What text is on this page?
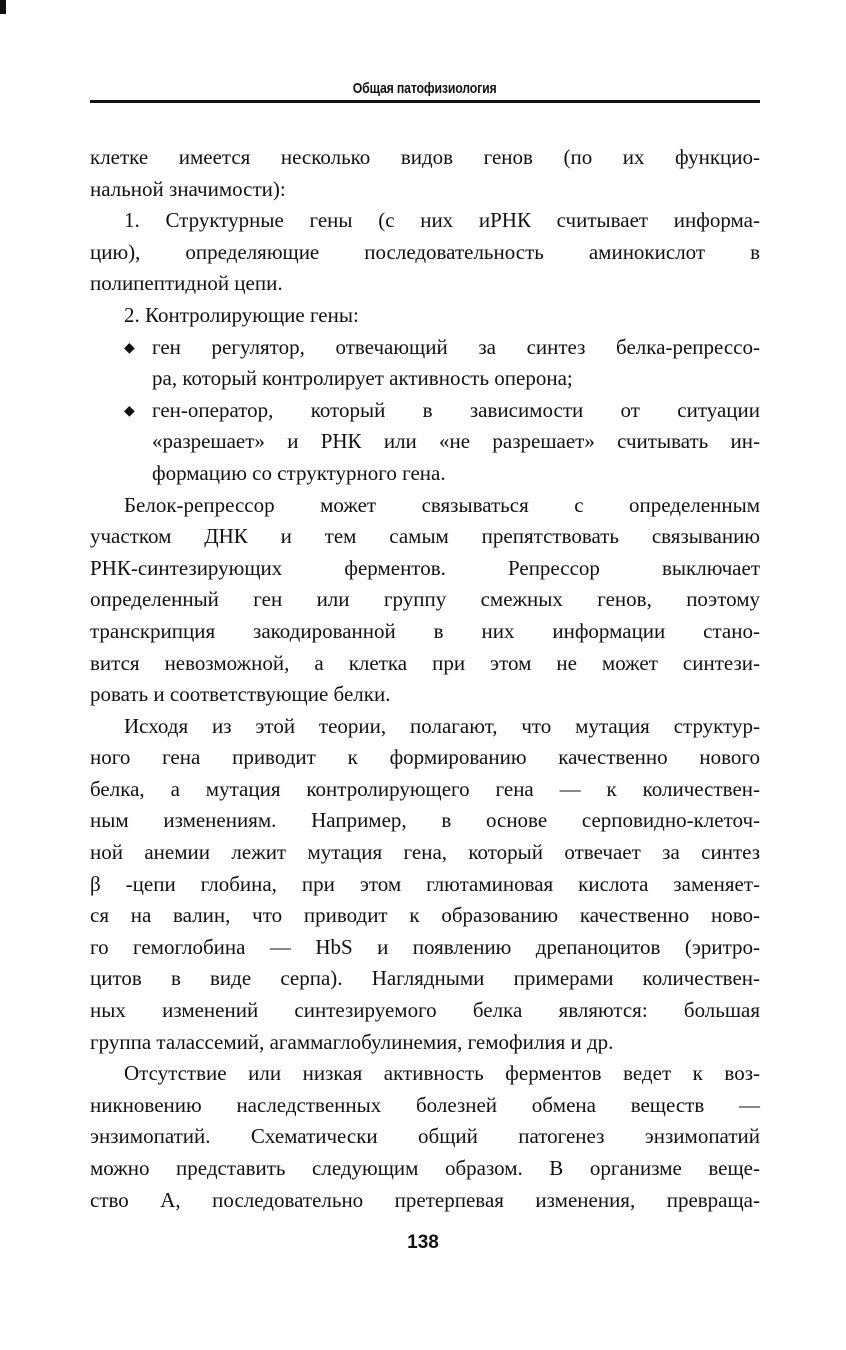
Общая патофизиология
клетке имеется несколько видов генов (по их функцио-
нальной значимости):
1. Структурные гены (с них иРНК считывает информа-
цию), определяющие последовательность аминокислот в
полипептидной цепи.
2. Контролирующие гены:
◆ ген регулятор, отвечающий за синтез белка-репрессо-
ра, который контролирует активность оперона;
◆ ген-оператор, который в зависимости от ситуации
«разрешает» и РНК или «не разрешает» считывать ин-
формацию со структурного гена.
Белок-репрессор может связываться с определенным
участком ДНК и тем самым препятствовать связыванию
РНК-синтезирующих ферментов. Репрессор выключает
определенный ген или группу смежных генов, поэтому
транскрипция закодированной в них информации стано-
вится невозможной, а клетка при этом не может синтези-
ровать и соответствующие белки.
Исходя из этой теории, полагают, что мутация структур-
ного гена приводит к формированию качественно нового
белка, а мутация контролирующего гена — к количествен-
ным изменениям. Например, в основе серповидно-клеточ-
ной анемии лежит мутация гена, который отвечает за синтез
β -цепи глобина, при этом глютаминовая кислота заменяет-
ся на валин, что приводит к образованию качественно ново-
го гемоглобина — HbS и появлению дрепаноцитов (эритро-
цитов в виде серпа). Наглядными примерами количествен-
ных изменений синтезируемого белка являются: большая
группа талассемий, агаммаглобулинемия, гемофилия и др.
Отсутствие или низкая активность ферментов ведет к воз-
никновению наследственных болезней обмена веществ —
энзимопатий. Схематически общий патогенез энзимопатий
можно представить следующим образом. В организме веще-
ство А, последовательно претерпевая изменения, превраща-
138
